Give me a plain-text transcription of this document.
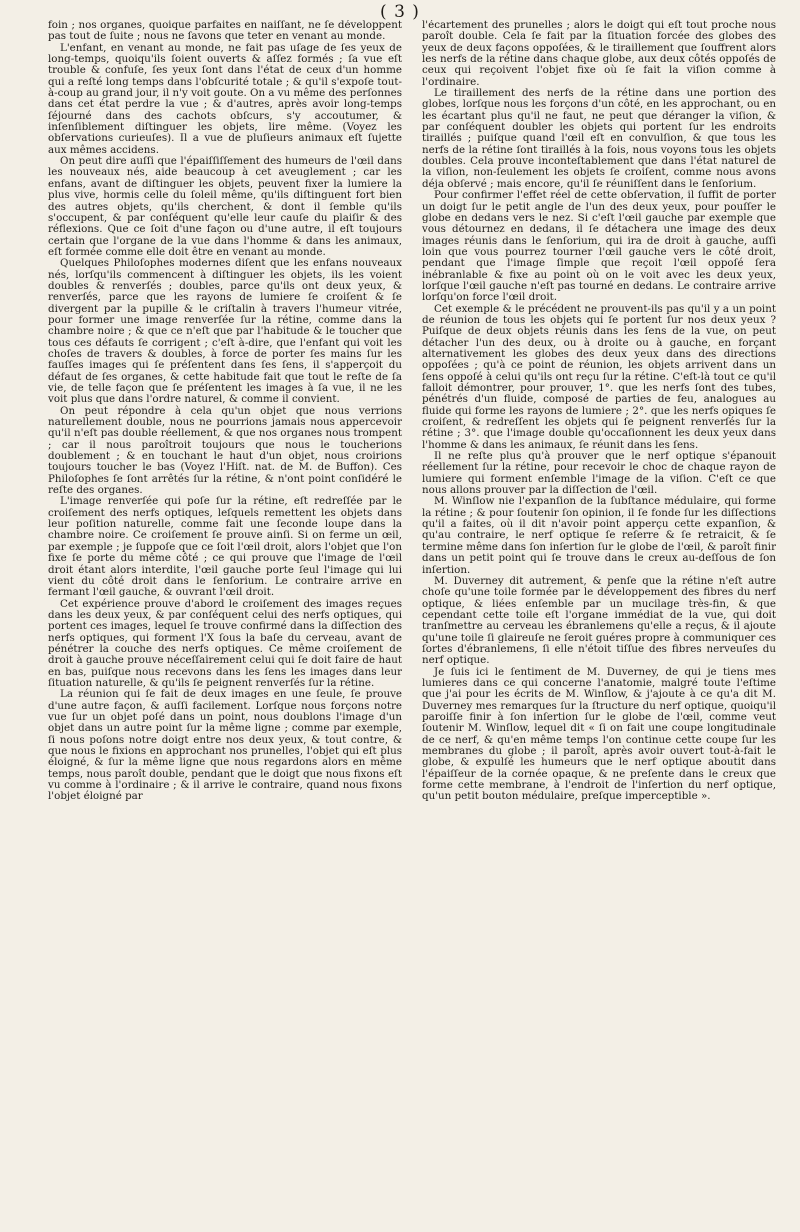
( 3 )

foin ; nos organes, quoique parfaites en naiſſant, ne ſe développent pas tout de ſuite ; nous ne ſavons que teter en venant au monde.

L'enfant, en venant au monde, ne fait pas uſage de ſes yeux de long-temps, quoiqu'ils ſoient ouverts & aſſez formés ; ſa vue eſt trouble & confuſe, ſes yeux ſont dans l'état de ceux d'un homme qui a reſté long temps dans l'obſcurité totale ; & qu'il s'expoſe tout-à-coup au grand jour, il n'y voit goute. On a vu même des perſonnes dans cet état perdre la vue ; & d'autres, après avoir long-temps ſéjourné dans des cachots obſcurs, s'y accoutumer, & inſenſiblement diſtinguer les objets, lire même. (Voyez les obſervations curieuſes). Il a vue de pluſieurs animaux eſt ſujette aux mêmes accidens.

On peut dire auſſi que l'épaiſſiſſement des humeurs de l'œil dans les nouveaux nés, aide beaucoup à cet aveuglement ; car les enfans, avant de diſtinguer les objets, peuvent fixer la lumiere la plus vive, hormis celle du ſoleil même, qu'ils diſtinguent fort bien des autres objets, qu'ils cherchent, & dont il ſemble qu'ils s'occupent, & par conſéquent qu'elle leur cauſe du plaiſir & des réflexions. Que ce ſoit d'une façon ou d'une autre, il eſt toujours certain que l'organe de la vue dans l'homme & dans les animaux, eſt formée comme elle doit être en venant au monde.

Quelques Philoſophes modernes diſent que les enfans nouveaux nés, lorſqu'ils commencent à diſtinguer les objets, ils les voient doubles & renverſés ; doubles, parce qu'ils ont deux yeux, & renverſés, parce que les rayons de lumiere ſe croiſent & ſe divergent par la pupille & le criſtalin à travers l'humeur vitrée, pour former une image renverſée ſur la rétine, comme dans la chambre noire ; & que ce n'eſt que par l'habitude & le toucher que tous ces défauts ſe corrigent ; c'eſt à-dire, que l'enfant qui voit les choſes de travers & doubles, à force de porter ſes mains ſur les fauſſes images qui ſe préſentent dans ſes ſens, il s'apperçoit du défaut de ſes organes, & cette habitude fait que tout le reſte de ſa vie, de telle façon que ſe préſentent les images à ſa vue, il ne les voit plus que dans l'ordre naturel, & comme il convient.

On peut répondre à cela qu'un objet que nous verrions naturellement double, nous ne pourrions jamais nous appercevoir qu'il n'eſt pas double réellement, & que nos organes nous trompent ; car il nous paroîtroit toujours que nous le toucherions doublement ; & en touchant le haut d'un objet, nous croirions toujours toucher le bas (Voyez l'Hiſt. nat. de M. de Buffon). Ces Philoſophes ſe ſont arrêtés ſur la rétine, & n'ont point conſidéré le reſte des organes.

L'image renverſée qui poſe ſur la rétine, eſt redreſſée par le croiſement des nerfs optiques, leſquels remettent les objets dans leur poſition naturelle, comme fait une ſeconde loupe dans la chambre noire. Ce croiſement ſe prouve ainſi. Si on ferme un œil, par exemple ; je ſuppoſe que ce ſoit l'œil droit, alors l'objet que l'on fixe ſe porte du même côté ; ce qui prouve que l'image de l'œil droit étant alors interdite, l'œil gauche porte ſeul l'image qui lui vient du côté droit dans le ſenſorium. Le contraire arrive en fermant l'œil gauche, & ouvrant l'œil droit.

Cet expérience prouve d'abord le croiſement des images reçues dans les deux yeux, & par conſéquent celui des nerfs optiques, qui portent ces images, lequel ſe trouve confirmé dans la diſſection des nerfs optiques, qui forment l'X ſous la baſe du cerveau, avant de pénétrer la couche des nerfs optiques. Ce même croiſement de droit à gauche prouve néceſſairement celui qui ſe doit faire de haut en bas, puiſque nous recevons dans les ſens les images dans leur ſituation naturelle, & qu'ils ſe peignent renverſés ſur la rétine.

La réunion qui ſe fait de deux images en une ſeule, ſe prouve d'une autre façon, & auſſi facilement. Lorſque nous forçons notre vue ſur un objet poſé dans un point, nous doublons l'image d'un objet dans un autre point ſur la même ligne ; comme par exemple, ſi nous poſons notre doigt entre nos deux yeux, & tout contre, & que nous le fixions en approchant nos prunelles, l'objet qui eſt plus éloigné, & ſur la même ligne que nous regardons alors en même temps, nous paroît double, pendant que le doigt que nous fixons eſt vu comme à l'ordinaire ; & il arrive le contraire, quand nous fixons l'objet éloigné par

l'écartement des prunelles ; alors le doigt qui eſt tout proche nous paroît double. Cela ſe fait par la ſituation forcée des globes des yeux de deux façons oppoſées, & le tiraillement que ſouffrent alors les nerfs de la rétine dans chaque globe, aux deux côtés oppoſés de ceux qui reçoivent l'objet fixe où ſe fait la viſion comme à l'ordinaire.

Le tiraillement des nerfs de la rétine dans une portion des globes, lorſque nous les forçons d'un côté, en les approchant, ou en les écartant plus qu'il ne faut, ne peut que déranger la viſion, & par conſéquent doubler les objets qui portent ſur les endroits tiraillés ; puiſque quand l'œil eſt en convulſion, & que tous les nerfs de la rétine ſont tiraillés à la fois, nous voyons tous les objets doubles. Cela prouve inconteſtablement que dans l'état naturel de la viſion, non-ſeulement les objets ſe croiſent, comme nous avons déja obſervé ; mais encore, qu'il ſe réuniſſent dans le ſenſorium.

Pour confirmer l'effet réel de cette obſervation, il ſuffit de porter un doigt ſur le petit angle de l'un des deux yeux, pour pouſſer le globe en dedans vers le nez. Si c'eſt l'œil gauche par exemple que vous détournez en dedans, il ſe détachera une image des deux images réunis dans le ſenſorium, qui ira de droit à gauche, auſſi loin que vous pourrez tourner l'œil gauche vers le côté droit, pendant que l'image ſimple que reçoit l'œil oppoſé ſera inébranlable & fixe au point où on le voit avec les deux yeux, lorſque l'œil gauche n'eſt pas tourné en dedans. Le contraire arrive lorſqu'on force l'œil droit.

Cet exemple & le précédent ne prouvent-ils pas qu'il y a un point de réunion de tous les objets qui ſe portent ſur nos deux yeux ? Puiſque de deux objets réunis dans les ſens de la vue, on peut détacher l'un des deux, ou à droite ou à gauche, en forçant alternativement les globes des deux yeux dans des directions oppoſées ; qu'à ce point de réunion, les objets arrivent dans un ſens oppoſé à celui qu'ils ont reçu ſur la rétine. C'eſt-là tout ce qu'il falloit démontrer, pour prouver, 1°. que les nerfs ſont des tubes, pénétrés d'un fluide, composé de parties de feu, analogues au fluide qui forme les rayons de lumiere ; 2°. que les nerfs opiques ſe croiſent, & redreſſent les objets qui ſe peignent renverſés ſur la rétine ; 3°. que l'image double qu'occaſionnent les deux yeux dans l'homme & dans les animaux, ſe réunit dans les ſens.

Il ne reſte plus qu'à prouver que le nerf optique s'épanouit réellement ſur la rétine, pour recevoir le choc de chaque rayon de lumiere qui forment enſemble l'image de la viſion. C'eſt ce que nous allons prouver par la diſſection de l'œil.

M. Winſlow nie l'expanſion de la ſubſtance médulaire, qui forme la rétine ; & pour ſoutenir ſon opinion, il ſe fonde ſur les diſſections qu'il a faites, où il dit n'avoir point apperçu cette expanſion, & qu'au contraire, le nerf optique ſe reſerre & ſe retraicit, & ſe termine même dans ſon inſertion ſur le globe de l'œil, & paroît finir dans un petit point qui ſe trouve dans le creux au-deſſous de ſon inſertion.

M. Duverney dit autrement, & penſe que la rétine n'eſt autre choſe qu'une toile formée par le développement des fibres du nerf optique, & liées enſemble par un mucilage très-fin, & que cependant cette toile eſt l'organe immédiat de la vue, qui doit tranſmettre au cerveau les ébranlemens qu'elle a reçus, & il ajoute qu'une toile ſi glaireuſe ne ſeroit guéres propre à communiquer ces ſortes d'ébranlemens, ſi elle n'étoit tiſſue des fibres nerveuſes du nerf optique.

Je ſuis ici le ſentiment de M. Duverney, de qui je tiens mes lumieres dans ce qui concerne l'anatomie, malgré toute l'eſtime que j'ai pour les écrits de M. Winſlow, & j'ajoute à ce qu'a dit M. Duverney mes remarques ſur la ſtructure du nerf optique, quoiqu'il paroiſſe finir à ſon inſertion ſur le globe de l'œil, comme veut ſoutenir M. Winſlow, lequel dit « ſi on fait une coupe longitudinale de ce nerf, & qu'en même temps l'on continue cette coupe ſur les membranes du globe ; il paroît, après avoir ouvert tout-à-fait le globe, & expulſé les humeurs que le nerf optique aboutit dans l'épaiſſeur de la cornée opaque, & ne preſente dans le creux que forme cette membrane, à l'endroit de l'inſertion du nerf optique, qu'un petit bouton médulaire, preſque imperceptible ».
